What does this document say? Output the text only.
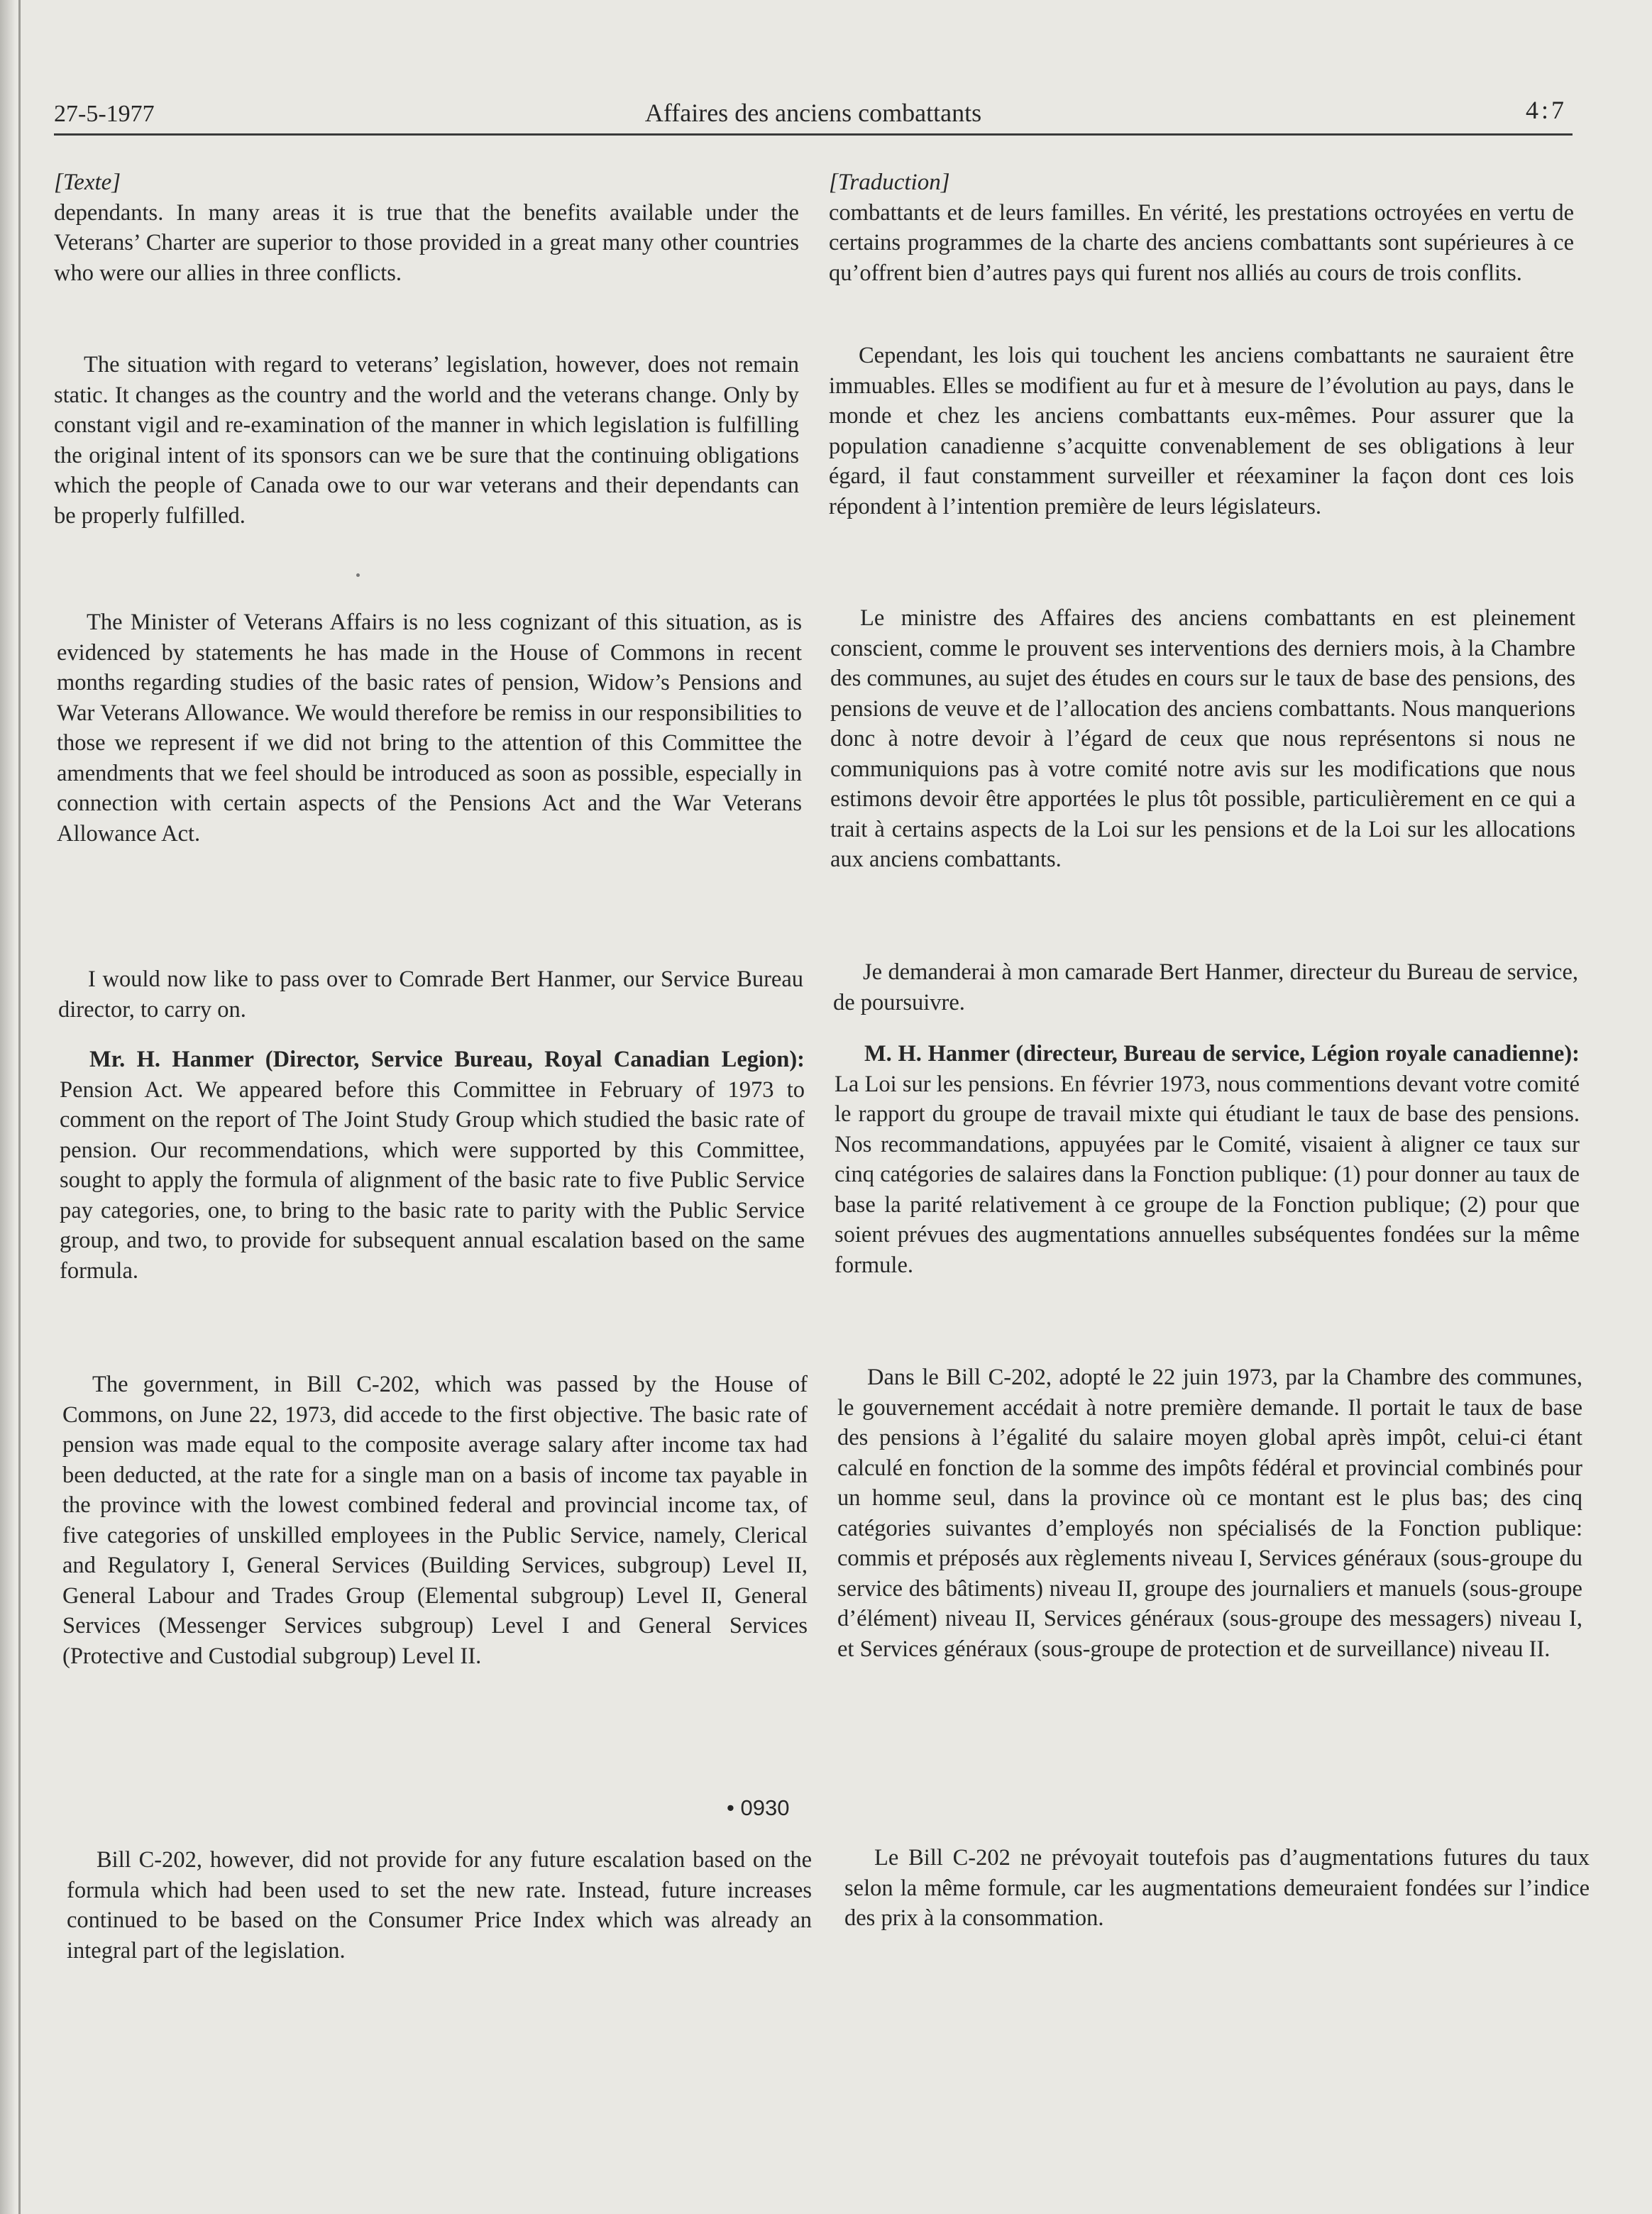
27-5-1977	Affaires des anciens combattants	4:7
[Texte]

dependants. In many areas it is true that the benefits available under the Veterans’ Charter are superior to those provided in a great many other countries who were our allies in three conflicts.

The situation with regard to veterans’ legislation, however, does not remain static. It changes as the country and the world and the veterans change. Only by constant vigil and re-examination of the manner in which legislation is fulfilling the original intent of its sponsors can we be sure that the continuing obligations which the people of Canada owe to our war veterans and their dependants can be properly fulfilled.

The Minister of Veterans Affairs is no less cognizant of this situation, as is evidenced by statements he has made in the House of Commons in recent months regarding studies of the basic rates of pension, Widow’s Pensions and War Veterans Allowance. We would therefore be remiss in our responsibilities to those we represent if we did not bring to the attention of this Committee the amendments that we feel should be introduced as soon as possible, especially in connection with certain aspects of the Pensions Act and the War Veterans Allowance Act.

I would now like to pass over to Comrade Bert Hanmer, our Service Bureau director, to carry on.

Mr. H. Hanmer (Director, Service Bureau, Royal Canadian Legion): Pension Act. We appeared before this Committee in February of 1973 to comment on the report of The Joint Study Group which studied the basic rate of pension. Our recommendations, which were supported by this Committee, sought to apply the formula of alignment of the basic rate to five Public Service pay categories, one, to bring to the basic rate to parity with the Public Service group, and two, to provide for subsequent annual escalation based on the same formula.

The government, in Bill C-202, which was passed by the House of Commons, on June 22, 1973, did accede to the first objective. The basic rate of pension was made equal to the composite average salary after income tax had been deducted, at the rate for a single man on a basis of income tax payable in the province with the lowest combined federal and provincial income tax, of five categories of unskilled employees in the Public Service, namely, Clerical and Regulatory I, General Services (Building Services, subgroup) Level II, General Labour and Trades Group (Elemental subgroup) Level II, General Services (Messenger Services subgroup) Level I and General Services (Protective and Custodial subgroup) Level II.

• 0930

Bill C-202, however, did not provide for any future escalation based on the formula which had been used to set the new rate. Instead, future increases continued to be based on the Consumer Price Index which was already an integral part of the legislation.

[Traduction]

combattants et de leurs familles. En vérité, les prestations octroyées en vertu de certains programmes de la charte des anciens combattants sont supérieures à ce qu’offrent bien d’autres pays qui furent nos alliés au cours de trois conflits.

Cependant, les lois qui touchent les anciens combattants ne sauraient être immuables. Elles se modifient au fur et à mesure de l’évolution au pays, dans le monde et chez les anciens combattants eux-mêmes. Pour assurer que la population canadienne s’acquitte convenablement de ses obligations à leur égard, il faut constamment surveiller et réexaminer la façon dont ces lois répondent à l’intention première de leurs législateurs.

Le ministre des Affaires des anciens combattants en est pleinement conscient, comme le prouvent ses interventions des derniers mois, à la Chambre des communes, au sujet des études en cours sur le taux de base des pensions, des pensions de veuve et de l’allocation des anciens combattants. Nous manquerions donc à notre devoir à l’égard de ceux que nous représentons si nous ne communiquions pas à votre comité notre avis sur les modifications que nous estimons devoir être apportées le plus tôt possible, particulièrement en ce qui a trait à certains aspects de la Loi sur les pensions et de la Loi sur les allocations aux anciens combattants.

Je demanderai à mon camarade Bert Hanmer, directeur du Bureau de service, de poursuivre.

M. H. Hanmer (directeur, Bureau de service, Légion royale canadienne): La Loi sur les pensions. En février 1973, nous commentions devant votre comité le rapport du groupe de travail mixte qui étudiant le taux de base des pensions. Nos recommandations, appuyées par le Comité, visaient à aligner ce taux sur cinq catégories de salaires dans la Fonction publique: (1) pour donner au taux de base la parité relativement à ce groupe de la Fonction publique; (2) pour que soient prévues des augmentations annuelles subséquentes fondées sur la même formule.

Dans le Bill C-202, adopté le 22 juin 1973, par la Chambre des communes, le gouvernement accédait à notre première demande. Il portait le taux de base des pensions à l’égalité du salaire moyen global après impôt, celui-ci étant calculé en fonction de la somme des impôts fédéral et provincial combinés pour un homme seul, dans la province où ce montant est le plus bas; des cinq catégories suivantes d’employés non spécialisés de la Fonction publique: commis et préposés aux règlements niveau I, Services généraux (sous-groupe du service des bâtiments) niveau II, groupe des journaliers et manuels (sous-groupe d’élément) niveau II, Services généraux (sous-groupe des messagers) niveau I, et Services généraux (sous-groupe de protection et de surveillance) niveau II.

Le Bill C-202 ne prévoyait toutefois pas d’augmentations futures du taux selon la même formule, car les augmentations demeuraient fondées sur l’indice des prix à la consommation.
